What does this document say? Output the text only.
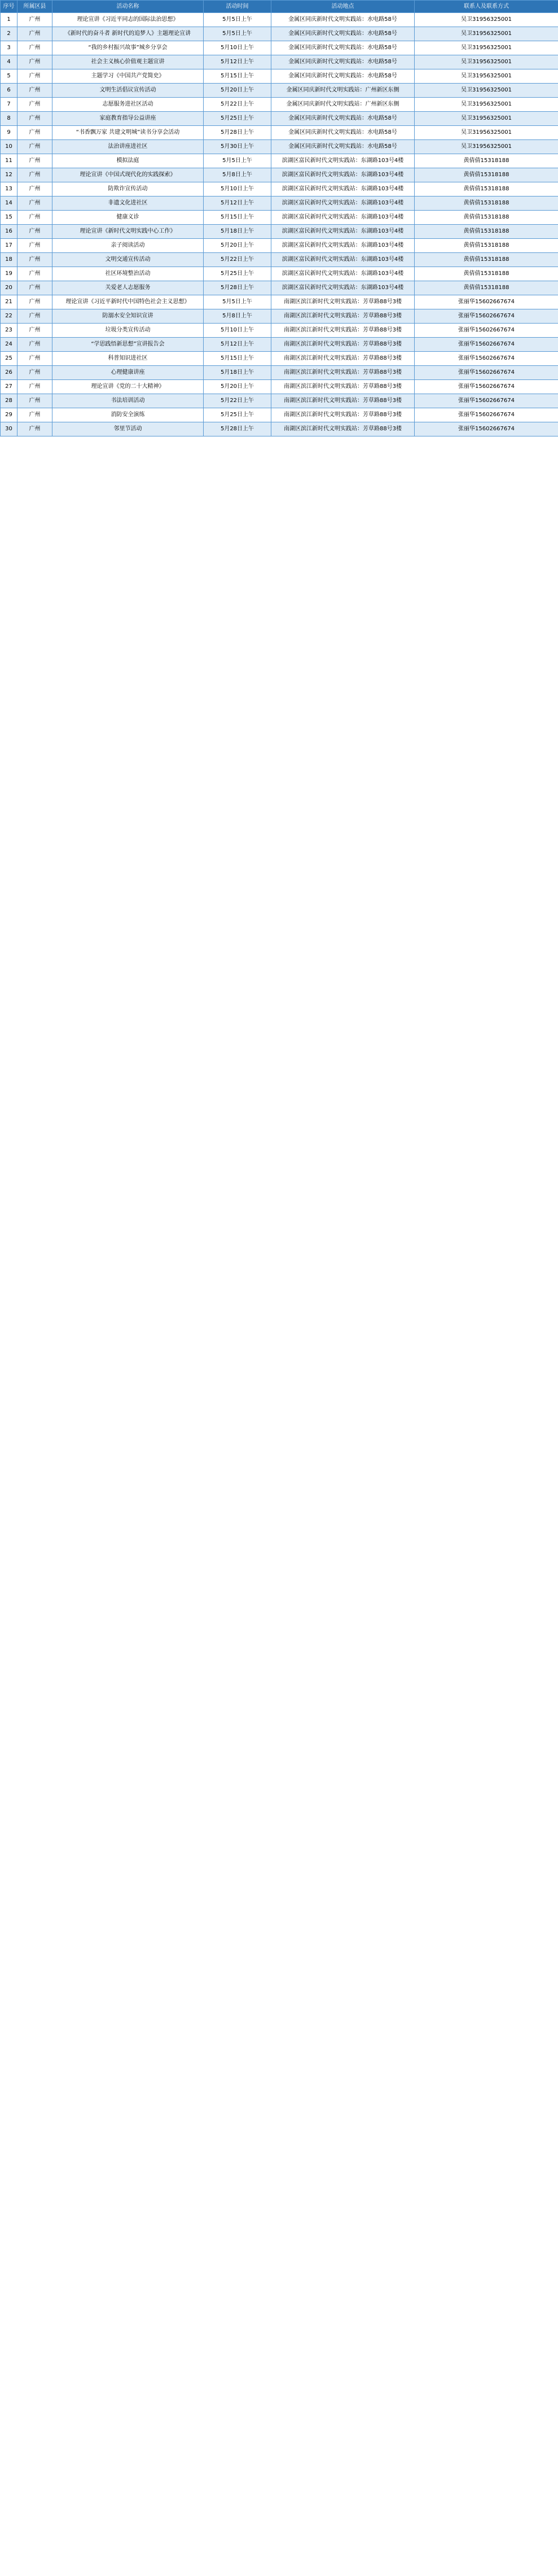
序号	所属区县	活动名称	活动时间	活动地点	联系人及联系方式
1	广州	理论宣讲《习近平同志的国际法治思想》	5月5日上午	金属区同庆新时代文明实践站：水电路58号	吴卫31956325001
2	广州	《新时代的奋斗者 新时代的追梦人》主题理论宣讲	5月5日上午	金属区同庆新时代文明实践站：水电路58号	吴卫31956325001
3	广州	“我的乡村振兴故事”城乡分享会	5月10日上午	金属区同庆新时代文明实践站：水电路58号	吴卫31956325001
4	广州	社会主义核心价值观主题宣讲	5月12日上午	金属区同庆新时代文明实践站：水电路58号	吴卫31956325001
5	广州	主题学习《中国共产党简史》	5月15日上午	金属区同庆新时代文明实践站：水电路58号	吴卫31956325001
6	广州	文明生活倡议宣传活动	5月20日上午	金属区同庆新时代文明实践站：广州新区东侧	吴卫31956325001
7	广州	志愿服务进社区活动	5月22日上午	金属区同庆新时代文明实践站：广州新区东侧	吴卫31956325001
8	广州	家庭教育指导公益讲座	5月25日上午	金属区同庆新时代文明实践站：水电路58号	吴卫31956325001
9	广州	“书香飘万家 共建文明城”读书分享会活动	5月28日上午	金属区同庆新时代文明实践站：水电路58号	吴卫31956325001
10	广州	法治讲座进社区	5月30日上午	金属区同庆新时代文明实践站：水电路58号	吴卫31956325001
11	广州	模拟法庭	5月5日上午	滨湖区富民新时代文明实践站：东湖路103号4楼	黄倩倩15318188
12	广州	理论宣讲《中国式现代化的实践探索》	5月8日上午	滨湖区富民新时代文明实践站：东湖路103号4楼	黄倩倩15318188
13	广州	防欺诈宣传活动	5月10日上午	滨湖区富民新时代文明实践站：东湖路103号4楼	黄倩倩15318188
14	广州	非遗文化进社区	5月12日上午	滨湖区富民新时代文明实践站：东湖路103号4楼	黄倩倩15318188
15	广州	健康义诊	5月15日上午	滨湖区富民新时代文明实践站：东湖路103号4楼	黄倩倩15318188
16	广州	理论宣讲《新时代文明实践中心工作》	5月18日上午	滨湖区富民新时代文明实践站：东湖路103号4楼	黄倩倩15318188
17	广州	亲子阅读活动	5月20日上午	滨湖区富民新时代文明实践站：东湖路103号4楼	黄倩倩15318188
18	广州	文明交通宣传活动	5月22日上午	滨湖区富民新时代文明实践站：东湖路103号4楼	黄倩倩15318188
19	广州	社区环境整治活动	5月25日上午	滨湖区富民新时代文明实践站：东湖路103号4楼	黄倩倩15318188
20	广州	关爱老人志愿服务	5月28日上午	滨湖区富民新时代文明实践站：东湖路103号4楼	黄倩倩15318188
21	广州	理论宣讲《习近平新时代中国特色社会主义思想》	5月5日上午	南湖区滨江新时代文明实践站：芳草路88号3楼	张丽华15602667674
22	广州	防溺水安全知识宣讲	5月8日上午	南湖区滨江新时代文明实践站：芳草路88号3楼	张丽华15602667674
23	广州	垃圾分类宣传活动	5月10日上午	南湖区滨江新时代文明实践站：芳草路88号3楼	张丽华15602667674
24	广州	“学思践悟新思想”宣讲报告会	5月12日上午	南湖区滨江新时代文明实践站：芳草路88号3楼	张丽华15602667674
25	广州	科普知识进社区	5月15日上午	南湖区滨江新时代文明实践站：芳草路88号3楼	张丽华15602667674
26	广州	心理健康讲座	5月18日上午	南湖区滨江新时代文明实践站：芳草路88号3楼	张丽华15602667674
27	广州	理论宣讲《党的二十大精神》	5月20日上午	南湖区滨江新时代文明实践站：芳草路88号3楼	张丽华15602667674
28	广州	书法培训活动	5月22日上午	南湖区滨江新时代文明实践站：芳草路88号3楼	张丽华15602667674
29	广州	消防安全演练	5月25日上午	南湖区滨江新时代文明实践站：芳草路88号3楼	张丽华15602667674
30	广州	邻里节活动	5月28日上午	南湖区滨江新时代文明实践站：芳草路88号3楼	张丽华15602667674
